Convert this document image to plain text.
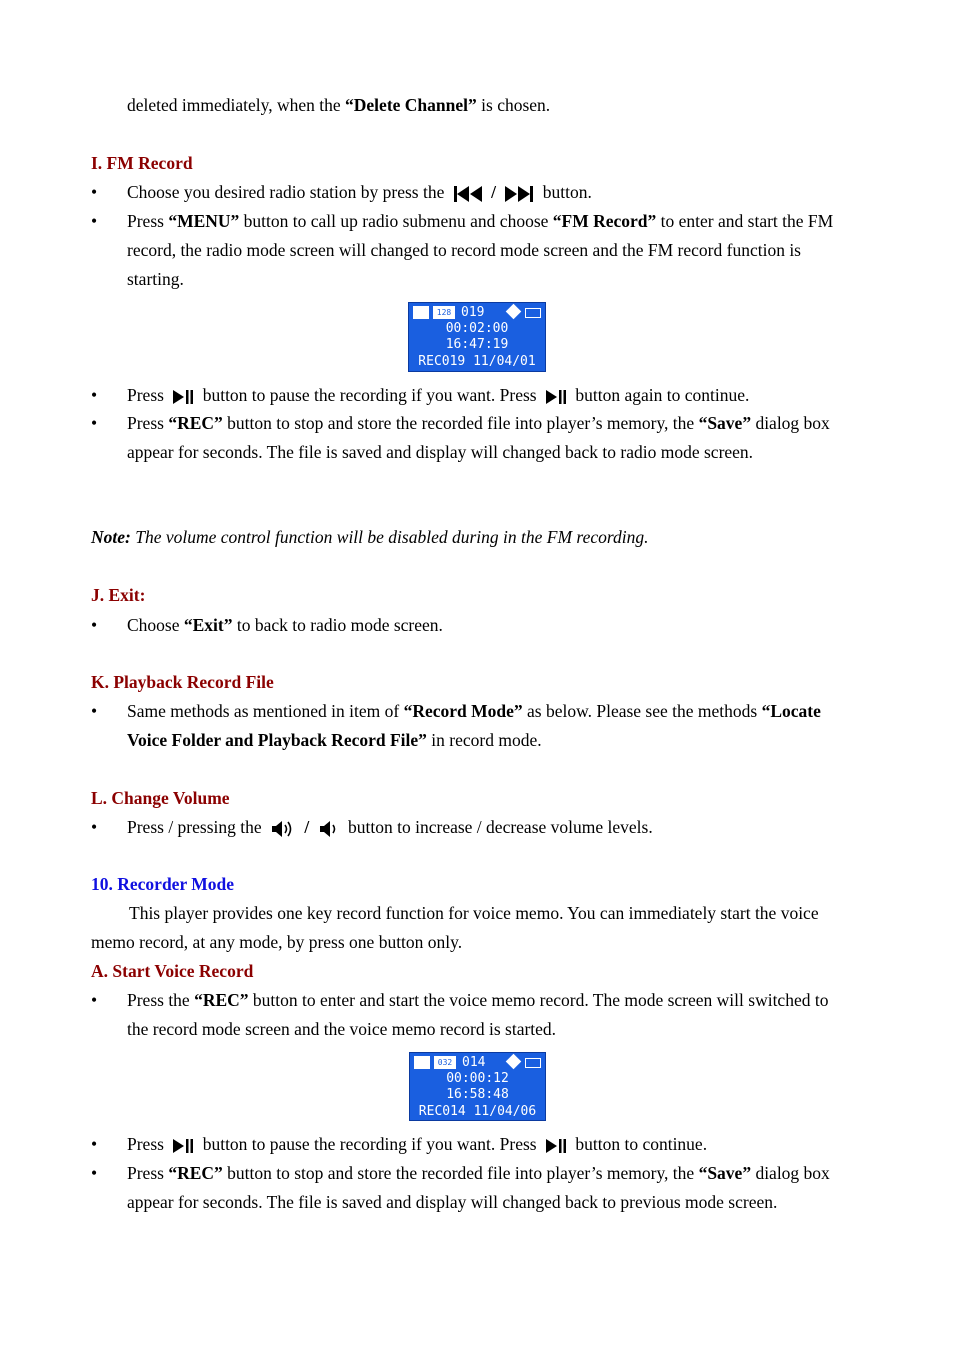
deleted immediately, when the “Delete Channel” is chosen.
I. FM Record
• Choose you desired radio station by press the	/	button.
• Press “MENU” button to call up radio submenu and choose “FM Record” to enter and start the FM record, the radio mode screen will changed to record mode screen and the FM record function is starting.
128 019
00:02:00
16:47:19
REC019 11/04/01
• Press button to pause the recording if you want. Press button again to continue.
• Press “REC” button to stop and store the recorded file into player’s memory, the “Save” dialog box appear for seconds. The file is saved and display will changed back to radio mode screen.
Note: The volume control function will be disabled during in the FM recording.
J. Exit:
• Choose “Exit” to back to radio mode screen.
K. Playback Record File
• Same methods as mentioned in item of “Record Mode” as below. Please see the methods “Locate Voice Folder and Playback Record File” in record mode.
L. Change Volume
• Press / pressing the / button to increase / decrease volume levels.
10. Recorder Mode
This player provides one key record function for voice memo. You can immediately start the voice memo record, at any mode, by press one button only.
A. Start Voice Record
• Press the “REC” button to enter and start the voice memo record. The mode screen will switched to the record mode screen and the voice memo record is started.
032 014
00:00:12
16:58:48
REC014 11/04/06
• Press button to pause the recording if you want. Press button to continue.
• Press “REC” button to stop and store the recorded file into player’s memory, the “Save” dialog box appear for seconds. The file is saved and display will changed back to previous mode screen.
